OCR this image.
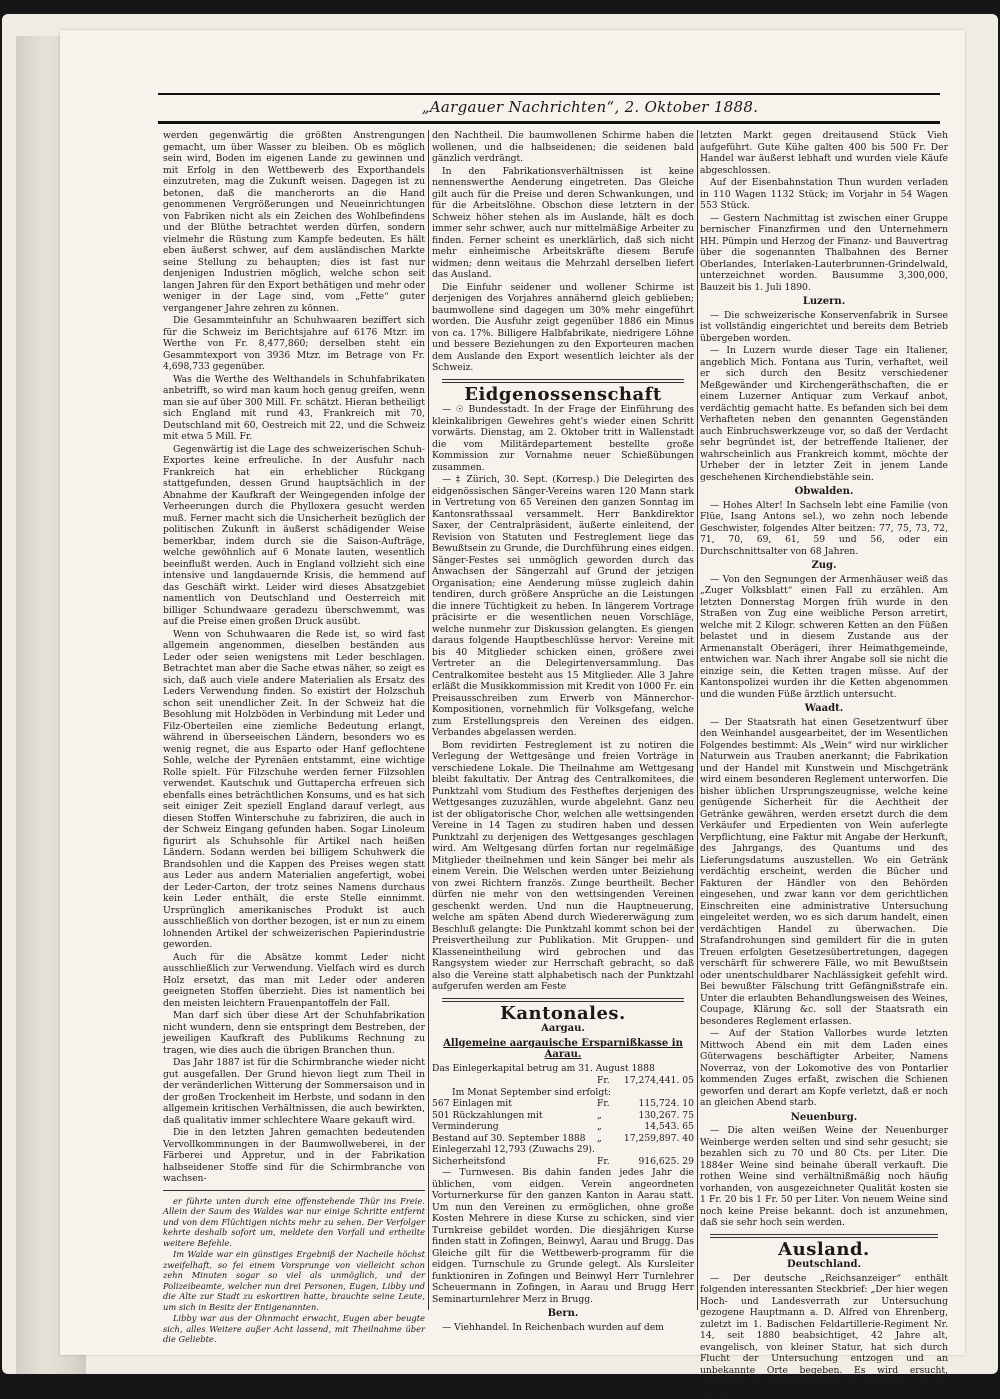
„Aargauer Nachrichten“, 2. Oktober 1888.

werden gegenwärtig die größten Anstrengungen gemacht, um über Wasser zu bleiben. Ob es möglich sein wird, Boden im eigenen Lande zu gewinnen und mit Erfolg in den Wettbewerb des Exporthandels einzutreten, mag die Zukunft weisen. Dagegen ist zu betonen, daß die mancherorts an die Hand genommenen Vergrößerungen und Neueinrichtungen von Fabriken nicht als ein Zeichen des Wohlbefindens und der Blüthe betrachtet werden dürfen, sondern vielmehr die Rüstung zum Kampfe bedeuten. Es hält eben äußerst schwer, auf dem ausländischen Markte seine Stellung zu behaupten; dies ist fast nur denjenigen Industrien möglich, welche schon seit langen Jahren für den Export bethätigen und mehr oder weniger in der Lage sind, vom „Fette“ guter vergangener Jahre zehren zu können.

Die Gesammteinfuhr an Schuhwaaren beziffert sich für die Schweiz im Berichtsjahre auf 6176 Mtzr. im Werthe von Fr. 8,477,860; derselben steht ein Gesammtexport von 3936 Mtzr. im Betrage von Fr. 4,698,733 gegenüber.

Was die Werthe des Welthandels in Schuhfabrikaten anbetrifft, so wird man kaum hoch genug greifen, wenn man sie auf über 300 Mill. Fr. schätzt. Hieran betheiligt sich England mit rund 43, Frankreich mit 70, Deutschland mit 60, Oestreich mit 22, und die Schweiz mit etwa 5 Mill. Fr.

Gegenwärtig ist die Lage des schweizerischen Schuh-Exportes keine erfreuliche. In der Ausfuhr nach Frankreich hat ein erheblicher Rückgang stattgefunden, dessen Grund hauptsächlich in der Abnahme der Kaufkraft der Weingegenden infolge der Verheerungen durch die Phylloxera gesucht werden muß. Ferner macht sich die Unsicherheit bezüglich der politischen Zukunft in äußerst schädigender Weise bemerkbar, indem durch sie die Saison-Aufträge, welche gewöhnlich auf 6 Monate lauten, wesentlich beeinflußt werden. Auch in England vollzieht sich eine intensive und langdauernde Krisis, die hemmend auf das Geschäft wirkt. Leider wird dieses Absatzgebiet namentlich von Deutschland und Oesterreich mit billiger Schundwaare geradezu überschwemmt, was auf die Preise einen großen Druck ausübt.

Wenn von Schuhwaaren die Rede ist, so wird fast allgemein angenommen, dieselben beständen aus Leder oder seien wenigstens mit Leder beschlagen. Betrachtet man aber die Sache etwas näher, so zeigt es sich, daß auch viele andere Materialien als Ersatz des Leders Verwendung finden. So existirt der Holzschuh schon seit unendlicher Zeit. In der Schweiz hat die Besohlung mit Holzböden in Verbindung mit Leder und Filz-Oberteilen eine ziemliche Bedeutung erlangt, während in überseeischen Ländern, besonders wo es wenig regnet, die aus Esparto oder Hanf geflochtene Sohle, welche der Pyrenäen entstammt, eine wichtige Rolle spielt. Für Filzschuhe werden ferner Filzsohlen verwendet. Kautschuk und Guttapercha erfreuen sich ebenfalls eines beträchtlichen Konsums, und es hat sich seit einiger Zeit speziell England darauf verlegt, aus diesen Stoffen Winterschuhe zu fabriziren, die auch in der Schweiz Eingang gefunden haben. Sogar Linoleum figurirt als Schuhsohle für Artikel nach heißen Ländern. Sodann werden bei billigem Schuhwerk die Brandsohlen und die Kappen des Preises wegen statt aus Leder aus andern Materialien angefertigt, wobei der Leder-Carton, der trotz seines Namens durchaus kein Leder enthält, die erste Stelle einnimmt. Ursprünglich amerikanisches Produkt ist auch ausschließlich von dorther bezogen, ist er nun zu einem lohnenden Artikel der schweizerischen Papierindustrie geworden.

Auch für die Absätze kommt Leder nicht ausschließlich zur Verwendung. Vielfach wird es durch Holz ersetzt, das man mit Leder oder anderen geeigneten Stoffen überzieht. Dies ist namentlich bei den meisten leichtern Frauenpantoffeln der Fall.

Man darf sich über diese Art der Schuhfabrikation nicht wundern, denn sie entspringt dem Bestreben, der jeweiligen Kaufkraft des Publikums Rechnung zu tragen, wie dies auch die übrigen Branchen thun.

Das Jahr 1887 ist für die Schirmbranche wieder nicht gut ausgefallen. Der Grund hievon liegt zum Theil in der veränderlichen Witterung der Sommersaison und in der großen Trockenheit im Herbste, und sodann in den allgemein kritischen Verhältnissen, die auch bewirkten, daß qualitativ immer schlechtere Waare gekauft wird.

Die in den letzten Jahren gemachten bedeutenden Vervollkommnungen in der Baumwollweberei, in der Färberei und Appretur, und in der Fabrikation halbseidener Stoffe sind für die Schirmbranche von wachsen-

er führte unten durch eine offenstehende Thür ins Freie. Allein der Saum des Waldes war nur einige Schritte entfernt und von dem Flüchtigen nichts mehr zu sehen. Der Verfolger kehrte deshalb sofort um, meldete den Vorfall und ertheilte weitere Befehle.

Im Walde war ein günstiges Ergebniß der Nacheile höchst zweifelhaft, so fei einem Vorsprunge von vielleicht schon zehn Minuten sogar so viel als unmöglich, und der Polizeibeamte, welcher nun drei Personen, Eugen, Libby und die Alte zur Stadt zu eskortiren hatte, brauchte seine Leute, um sich in Besitz der Entigenannten.

Libby war aus der Ohnmacht erwacht, Eugen aber beugte sich, alles Weitere außer Acht lassend, mit Theilnahme über die Geliebte.

den Nachtheil. Die baumwollenen Schirme haben die wollenen, und die halbseidenen; die seidenen bald gänzlich verdrängt.

In den Fabrikationsverhältnissen ist keine nennenswerthe Aenderung eingetreten. Das Gleiche gilt auch für die Preise und deren Schwankungen, und für die Arbeitslöhne. Obschon diese letztern in der Schweiz höher stehen als im Auslande, hält es doch immer sehr schwer, auch nur mittelmäßige Arbeiter zu finden. Ferner scheint es unerklärlich, daß sich nicht mehr einheimische Arbeitskräfte diesem Berufe widmen; denn weitaus die Mehrzahl derselben liefert das Ausland.

Die Einfuhr seidener und wollener Schirme ist derjenigen des Vorjahres annähernd gleich geblieben; baumwollene sind dagegen um 30% mehr eingeführt worden. Die Ausfuhr zeigt gegenüber 1886 ein Minus von ca. 17%. Billigere Halbfabrikate, niedrigere Löhne und bessere Beziehungen zu den Exporteuren machen dem Auslande den Export wesentlich leichter als der Schweiz.

Eidgenossenschaft

— ☉ Bundesstadt. In der Frage der Einführung des kleinkalibrigen Gewehres geht's wieder einen Schritt vorwärts. Dienstag, am 2. Oktober tritt in Wallenstadt die vom Militärdepartement bestellte große Kommission zur Vornahme neuer Schießübungen zusammen.

— ‡ Zürich, 30. Sept. (Korresp.) Die Delegirten des eidgenössischen Sänger-Vereins waren 120 Mann stark in Vertretung von 65 Vereinen den ganzen Sonntag im Kantonsrathssaal versammelt. Herr Bankdirektor Saxer, der Centralpräsident, äußerte einleitend, der Revision von Statuten und Festreglement liege das Bewußtsein zu Grunde, die Durchführung eines eidgen. Sänger-Festes sei unmöglich geworden durch das Anwachsen der Sängerzahl auf Grund der jetzigen Organisation; eine Aenderung müsse zugleich dahin tendiren, durch größere Ansprüche an die Leistungen die innere Tüchtigkeit zu heben. In längerem Vortrage präcisirte er die wesentlichen neuen Vorschläge, welche nunmehr zur Diskussion gelangten. Es giengen daraus folgende Hauptbeschlüsse hervor: Vereine mit bis 40 Mitglieder schicken einen, größere zwei Vertreter an die Delegirtenversammlung. Das Centralkomitee besteht aus 15 Mitglieder. Alle 3 Jahre erläßt die Musikkommission mit Kredit von 1000 Fr. ein Preisausschreiben zum Erwerb von Männerchor-Kompositionen, vornehmlich für Volksgefang, welche zum Erstellungspreis den Vereinen des eidgen. Verbandes abgelassen werden.

Bom revidirten Festreglement ist zu notiren die Verlegung der Wettgesänge und freien Vorträge in verschiedene Lokale. Die Theilnahme am Wettgesang bleibt fakultativ. Der Antrag des Centralkomitees, die Punktzahl vom Studium des Festheftes derjenigen des Wettgesanges zuzuzählen, wurde abgelehnt. Ganz neu ist der obligatorische Chor, welchen alle wettsingenden Vereine in 14 Tagen zu studiren haben und dessen Punktzahl zu derjenigen des Wettgesanges geschlagen wird. Am Weltgesang dürfen fortan nur regelmäßige Mitglieder theilnehmen und kein Sänger bei mehr als einem Verein. Die Welschen werden unter Beiziehung von zwei Richtern französ. Zunge beurtheilt. Becher dürfen nie mehr von den wettsingenden Vereinen geschenkt werden. Und nun die Hauptneuerung, welche am späten Abend durch Wiedererwägung zum Beschluß gelangte: Die Punktzahl kommt schon bei der Preisvertheilung zur Publikation. Mit Gruppen- und Klasseneintheilung wird gebrochen und das Rangsystem wieder zur Herrschaft gebracht, so daß also die Vereine statt alphabetisch nach der Punktzahl aufgerufen werden am Feste

Kantonales.
Aargau.
Allgemeine aargauische Ersparnißkasse in Aarau.

Das Einlegerkapital betrug am 31. August 1888

	Fr.	17,274,441. 05
Im Monat September sind erfolgt:		
567 Einlagen mit	Fr.	115,724. 10
501 Rückzahlungen mit	„	130,267. 75
Verminderung	„	14,543. 65
Bestand auf 30. September 1888	„	17,259,897. 40
Einlegerzahl 12,793 (Zuwachs 29).		
Sicherheitsfond	Fr.	916,625. 29

— Turnwesen. Bis dahin fanden jedes Jahr die üblichen, vom eidgen. Verein angeordneten Vorturnerkurse für den ganzen Kanton in Aarau statt. Um nun den Vereinen zu ermöglichen, ohne große Kosten Mehrere in diese Kurse zu schicken, sind vier Turnkreise gebildet worden. Die diesjährigen Kurse finden statt in Zofingen, Beinwyl, Aarau und Brugg. Das Gleiche gilt für die Wettbewerb-programm für die eidgen. Turnschule zu Grunde gelegt. Als Kursleiter funktioniren in Zofingen und Beinwyl Herr Turnlehrer Scheuermann in Zofingen, in Aarau und Brugg Herr Seminarturnlehrer Merz in Brugg.

Bern.

— Viehhandel. In Reichenbach wurden auf dem

letzten Markt gegen dreitausend Stück Vieh aufgeführt. Gute Kühe galten 400 bis 500 Fr. Der Handel war äußerst lebhaft und wurden viele Käufe abgeschlossen.

Auf der Eisenbahnstation Thun wurden verladen in 110 Wagen 1132 Stück; im Vorjahr in 54 Wagen 553 Stück.

— Gestern Nachmittag ist zwischen einer Gruppe bernischer Finanzfirmen und den Unternehmern HH. Pümpin und Herzog der Finanz- und Bauvertrag über die sogenannten Thalbahnen des Berner Oberlandes, Interlaken-Lauterbrunnen-Grindelwald, unterzeichnet worden. Bausumme 3,300,000, Bauzeit bis 1. Juli 1890.

Luzern.

— Die schweizerische Konservenfabrik in Sursee ist vollständig eingerichtet und bereits dem Betrieb übergeben worden.

— In Luzern wurde dieser Tage ein Italiener, angeblich Mich. Fontana aus Turin, verhaftet, weil er sich durch den Besitz verschiedener Meßgewänder und Kirchengeräthschaften, die er einem Luzerner Antiquar zum Verkauf anbot, verdächtig gemacht hatte. Es befanden sich bei dem Verhafteten neben den genannten Gegenständen auch Einbruchswerkzeuge vor, so daß der Verdacht sehr begründet ist, der betreffende Italiener, der wahrscheinlich aus Frankreich kommt, möchte der Urheber der in letzter Zeit in jenem Lande geschehenen Kirchendiebstähle sein.

Obwalden.

— Hohes Alter! In Sachseln lebt eine Familie (von Flüe, Isang Antons sel.), wo zehn noch lebende Geschwister, folgendes Alter beitzen: 77, 75, 73, 72, 71, 70, 69, 61, 59 und 56, oder ein Durchschnittsalter von 68 Jahren.

Zug.

— Von den Segnungen der Armenhäuser weiß das „Zuger Volksblatt“ einen Fall zu erzählen. Am letzten Donnerstag Morgen früh wurde in den Straßen von Zug eine weibliche Person arretirt, welche mit 2 Kilogr. schweren Ketten an den Füßen belastet und in diesem Zustande aus der Armenanstalt Oberägeri, ihrer Heimathgemeinde, entwichen war. Nach ihrer Angabe soll sie nicht die einzige sein, die Ketten tragen müsse. Auf der Kantonspolizei wurden ihr die Ketten abgenommen und die wunden Füße ärztlich untersucht.

Waadt.

— Der Staatsrath hat einen Gesetzentwurf über den Weinhandel ausgearbeitet, der im Wesentlichen Folgendes bestimmt: Als „Wein“ wird nur wirklicher Naturwein aus Trauben anerkannt; die Fabrikation und der Handel mit Kunstwein und Mischgetränk wird einem besonderen Reglement unterworfen. Die bisher üblichen Ursprungszeugnisse, welche keine genügende Sicherheit für die Aechtheit der Getränke gewähren, werden ersetzt durch die dem Verkäufer und Erpedienten von Wein auferlegte Verpflichtung, eine Faktur mit Angabe der Herkunft, des Jahrgangs, des Quantums und des Lieferungsdatums auszustellen. Wo ein Getränk verdächtig erscheint, werden die Bücher und Fakturen der Händler von den Behörden eingesehen, und zwar kann vor dem gerichtlichen Einschreiten eine administrative Untersuchung eingeleitet werden, wo es sich darum handelt, einen verdächtigen Handel zu überwachen. Die Strafandrohungen sind gemildert für die in guten Treuen erfolgten Gesetzesübertretungen, dagegen verschärft für schwerere Fälle, wo mit Bewußtsein oder unentschuldbarer Nachlässigkeit gefehlt wird. Bei bewußter Fälschung tritt Gefängnißstrafe ein. Unter die erlaubten Behandlungsweisen des Weines, Coupage, Klärung &c. soll der Staatsrath ein besonderes Reglement erlassen.

— Auf der Station Vallorbes wurde letzten Mittwoch Abend ein mit dem Laden eines Güterwagens beschäftigter Arbeiter, Namens Noverraz, von der Lokomotive des von Pontarlier kommenden Zuges erfaßt, zwischen die Schienen geworfen und derart am Kopfe verletzt, daß er noch an gleichen Abend starb.

Neuenburg.

— Die alten weißen Weine der Neuenburger Weinberge werden selten und sind sehr gesucht; sie bezahlen sich zu 70 und 80 Cts. per Liter. Die 1884er Weine sind beinahe überall verkauft. Die rothen Weine sind verhältnißmäßig noch häufig vorhanden, von ausgezeichneter Qualität kosten sie 1 Fr. 20 bis 1 Fr. 50 per Liter. Von neuem Weine sind noch keine Preise bekannt. doch ist anzunehmen, daß sie sehr hoch sein werden.

Ausland.
Deutschland.

— Der deutsche „Reichsanzeiger“ enthält folgenden interessanten Steckbrief: „Der hier wegen Hoch- und Landesverrath zur Untersuchung gezogene Hauptmann a. D. Alfred von Ehrenberg, zuletzt im 1. Badischen Feldartillerie-Regiment Nr. 14, seit 1880 beabsichtiget, 42 Jahre alt, evangelisch, von kleiner Statur, hat sich durch Flucht der Untersuchung entzogen und an unbekannte Orte begeben. Es wird ersucht, denselben im Betretungsfalle zu verhaften und an die nächste Militär-
